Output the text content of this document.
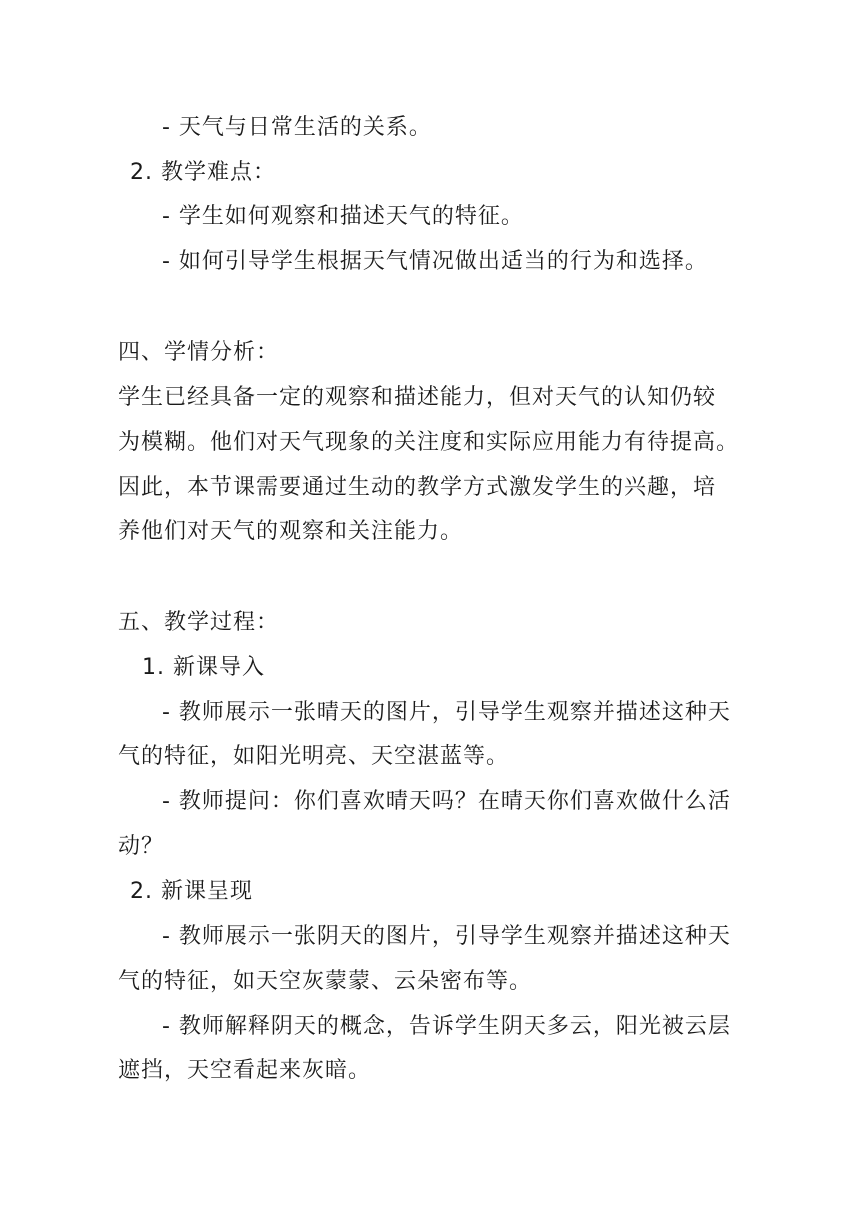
- 天气与日常生活的关系。
2. 教学难点：
- 学生如何观察和描述天气的特征。
- 如何引导学生根据天气情况做出适当的行为和选择。
四、学情分析：
学生已经具备一定的观察和描述能力，但对天气的认知仍较
为模糊。他们对天气现象的关注度和实际应用能力有待提高。
因此，本节课需要通过生动的教学方式激发学生的兴趣，培
养他们对天气的观察和关注能力。
五、教学过程：
1. 新课导入
- 教师展示一张晴天的图片，引导学生观察并描述这种天
气的特征，如阳光明亮、天空湛蓝等。
- 教师提问：你们喜欢晴天吗？在晴天你们喜欢做什么活
动？
2. 新课呈现
- 教师展示一张阴天的图片，引导学生观察并描述这种天
气的特征，如天空灰蒙蒙、云朵密布等。
- 教师解释阴天的概念，告诉学生阴天多云，阳光被云层
遮挡，天空看起来灰暗。
